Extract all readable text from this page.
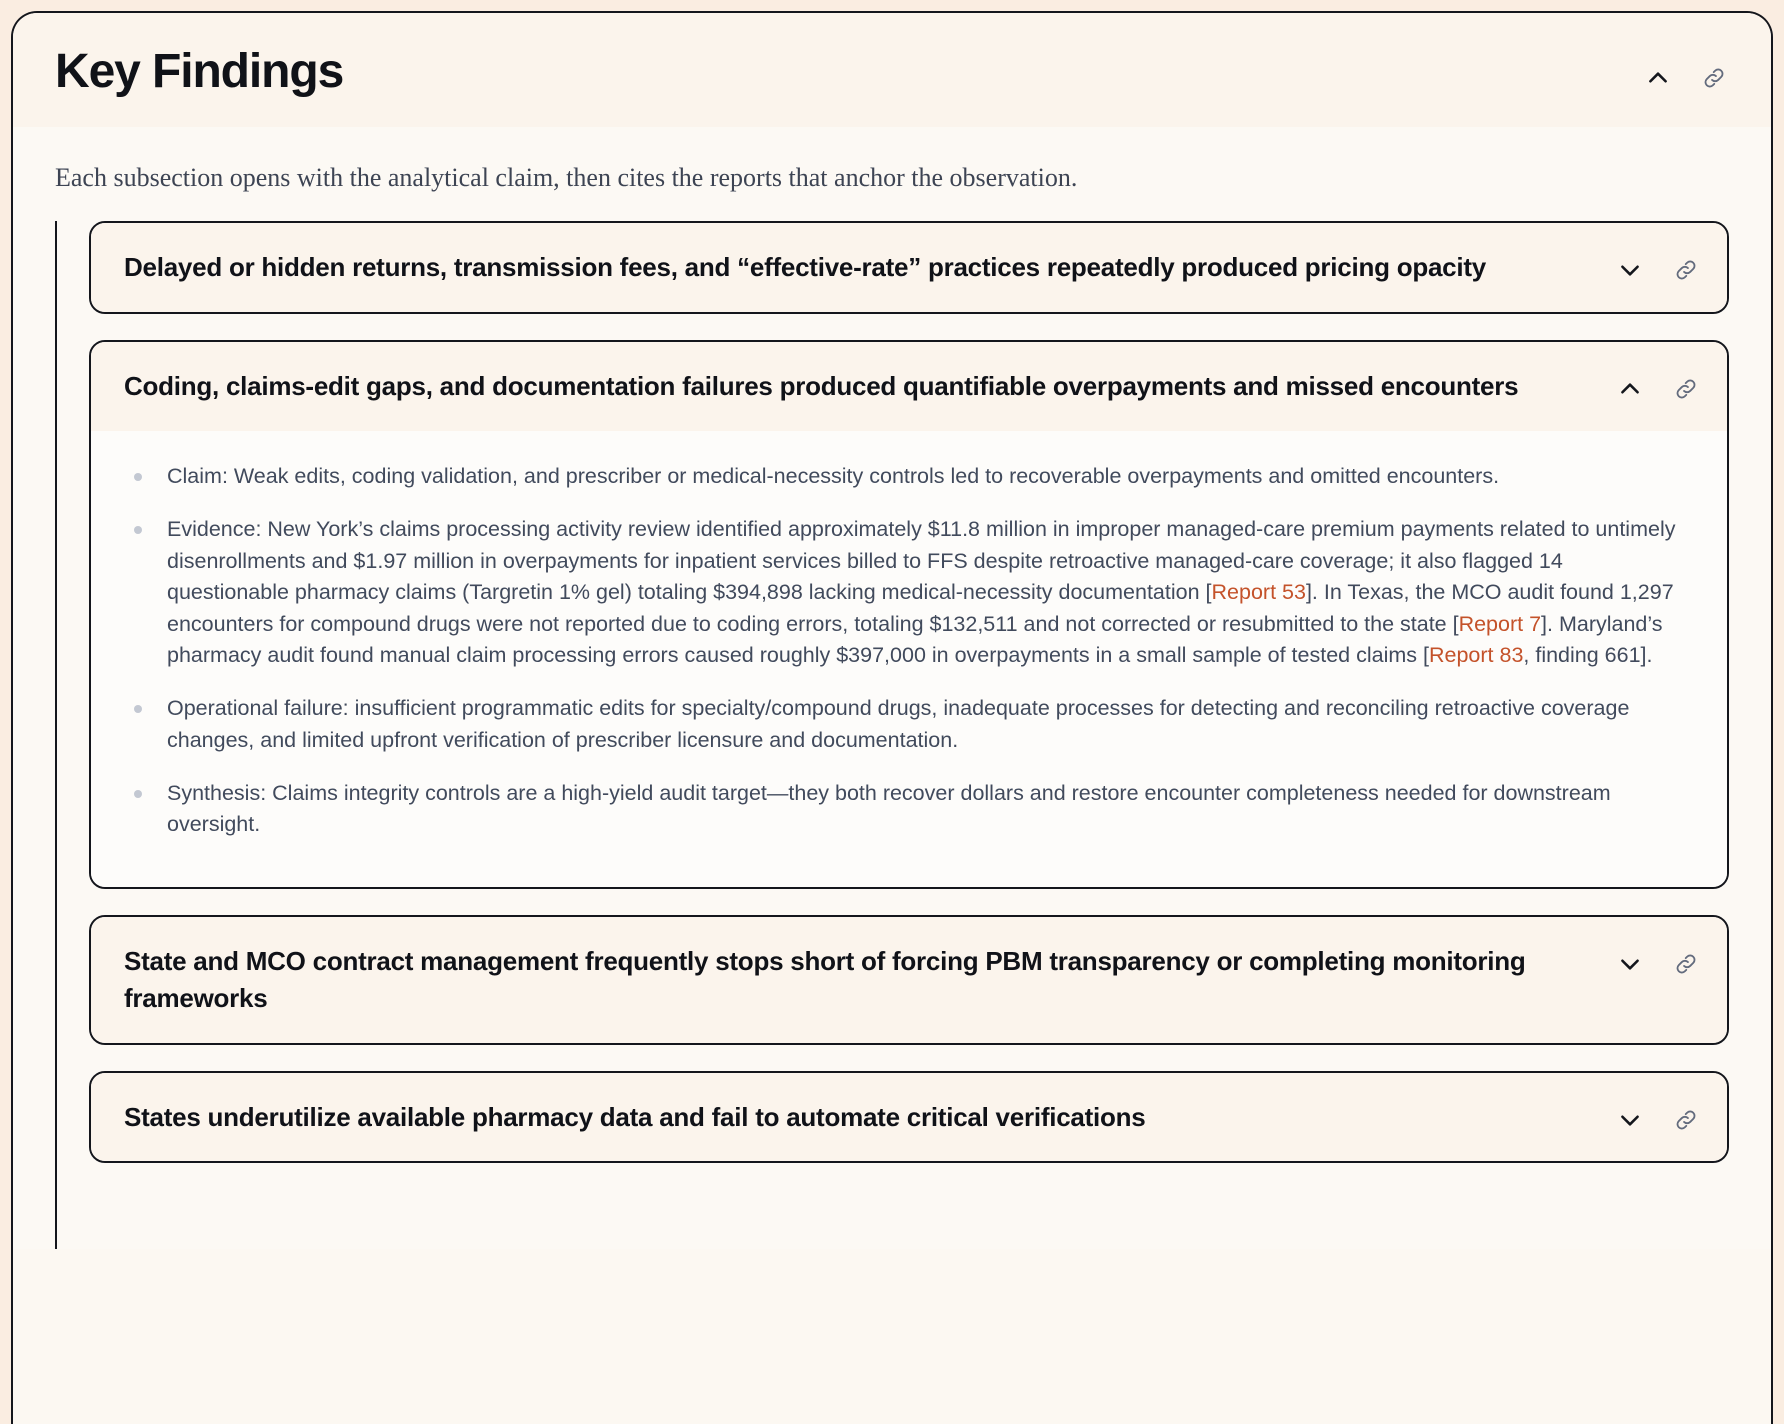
Key Findings

Each subsection opens with the analytical claim, then cites the reports that anchor the observation.

Delayed or hidden returns, transmission fees, and “effective-rate” practices repeatedly produced pricing opacity
Coding, claims-edit gaps, and documentation failures produced quantifiable overpayments and missed encounters
Claim: Weak edits, coding validation, and prescriber or medical-necessity controls led to recoverable overpayments and omitted encounters.
Evidence: New York’s claims processing activity review identified approximately $11.8 million in improper managed-care premium payments related to untimely disenrollments and $1.97 million in overpayments for inpatient services billed to FFS despite retroactive managed-care coverage; it also flagged 14 questionable pharmacy claims (Targretin 1% gel) totaling $394,898 lacking medical-necessity documentation [Report 53]. In Texas, the MCO audit found 1,297 encounters for compound drugs were not reported due to coding errors, totaling $132,511 and not corrected or resubmitted to the state [Report 7]. Maryland’s pharmacy audit found manual claim processing errors caused roughly $397,000 in overpayments in a small sample of tested claims [Report 83, finding 661].
Operational failure: insufficient programmatic edits for specialty/compound drugs, inadequate processes for detecting and reconciling retroactive coverage changes, and limited upfront verification of prescriber licensure and documentation.
Synthesis: Claims integrity controls are a high-yield audit target—they both recover dollars and restore encounter completeness needed for downstream oversight.
State and MCO contract management frequently stops short of forcing PBM transparency or completing monitoring frameworks
States underutilize available pharmacy data and fail to automate critical verifications
